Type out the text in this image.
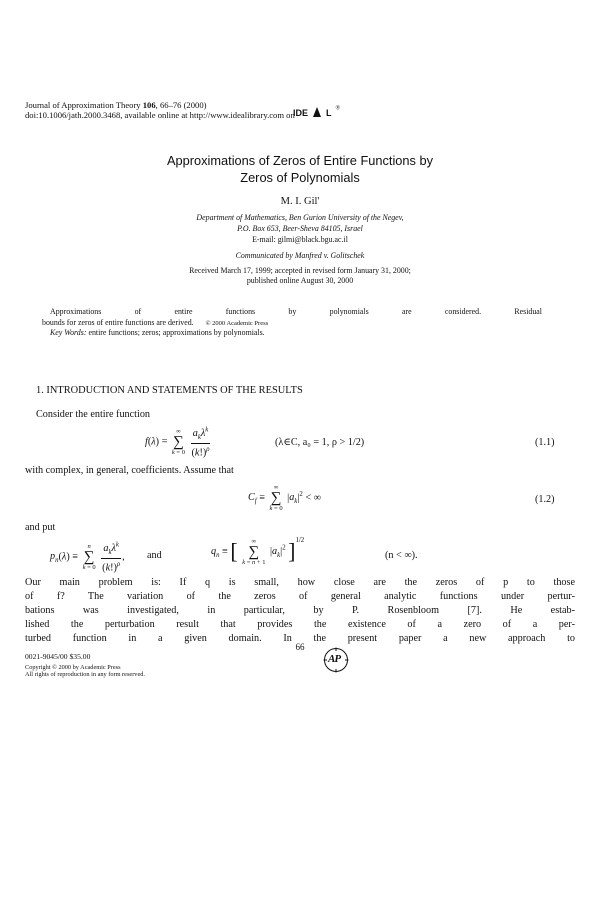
Journal of Approximation Theory 106, 66–76 (2000)
doi:10.1006/jath.2000.3468, available online at http://www.idealibrary.com on
IDE L ®
Approximations of Zeros of Entire Functions by
Zeros of Polynomials
M. I. Gil'
Department of Mathematics, Ben Gurion University of the Negev,
P.O. Box 653, Beer-Sheva 84105, Israel
E-mail: gilmi@black.bgu.ac.il
Communicated by Manfred v. Golitschek
Received March 17, 1999; accepted in revised form January 31, 2000;
published online August 30, 2000
Approximations of entire functions by polynomials are considered. Residual
bounds for zeros of entire functions are derived. © 2000 Academic Press
Key Words: entire functions; zeros; approximations by polynomials.
1. INTRODUCTION AND STATEMENTS OF THE RESULTS
Consider the entire function
f(λ) =
∞
∑
k = 0
$\frac{a_k\lambda^k}{(k!)^\rho}$	(λ∈C, a₀ = 1, ρ > 1/2)	(1.1)
with complex, in general, coefficients. Assume that
$C_f$ ≡
∞
∑
k = 0
$|a_k|^2$ < ∞	(1.2)
and put
$p_n(\lambda)$ ≡
n
∑
k = 0
$\frac{a_k\lambda^k}{(k!)^\rho}$ , and	$q_n$ ≡ [ ∞
∑
k = n + 1
$|a_k|^2$ ]$^{1/2}$
(n < ∞).
Our main problem is: If q is small, how close are the zeros of p to those
of f? The variation of the zeros of general analytic functions under pertur-
bations was investigated, in particular, by P. Rosenbloom [7]. He estab-
lished the perturbation result that provides the existence of a zero of a per-
turbed function in a given domain. In the present paper a new approach to
66
0021-9045/00 $35.00
Copyright © 2000 by Academic Press
All rights of reproduction in any form reserved.
AP
